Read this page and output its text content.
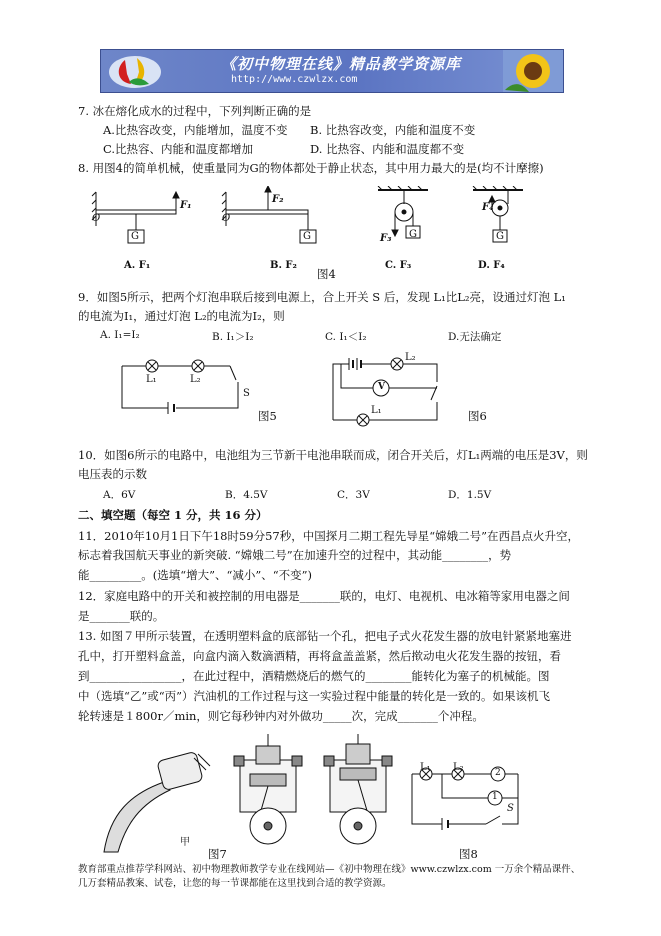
《初中物理在线》精品教学资源库
http://www.czwlzx.com
7. 冰在熔化成水的过程中，下列判断正确的是
A.比热容改变，内能增加，温度不变 B. 比热容改变，内能和温度不变
C.比热容、内能和温度都增加	D. 比热容、内能和温度都不变
8. 用图4的简单机械，使重量同为G的物体都处于静止状态，其中用力最大的是(均不计摩擦)
O	O
G	G	G	G
F₁
F₂
F₃
F₄
A. F₁	B. F₂	C. F₃	D. F₄
图4
9．如图5所示，把两个灯泡串联后接到电源上，合上开关 S 后，发现 L₁比L₂亮，设通过灯泡 L₁
的电流为I₁，通过灯泡 L₂的电流为I₂，则
A. I₁=I₂	B. I₁＞I₂	C. I₁＜I₂	D.无法确定
L₁	L₂
S
图5
V
L₂
L₁	图6
10．如图6所示的电路中，电池组为三节新干电池串联而成，闭合开关后，灯L₁两端的电压是3V，则
电压表的示数
A．6V	B．4.5V	C．3V	D．1.5V
二、填空题（每空 1 分，共 16 分）
11．2010年10月1日下午18时59分57秒，中国探月二期工程先导星“嫦娥二号”在西昌点火升空，
标志着我国航天事业的新突破. “嫦娥二号”在加速升空的过程中，其动能________，势
能_________。(选填“增大”、“减小”、“不变”)
12．家庭电路中的开关和被控制的用电器是_______联的，电灯、电视机、电冰箱等家用电器之间
是_______联的。
13. 如图７甲所示装置，在透明塑料盒的底部钻一个孔，把电子式火花发生器的放电针紧紧地塞进
孔中，打开塑料盒盖，向盒内滴入数滴酒精，再将盒盖盖紧，然后揿动电火花发生器的按钮，看
到________________，在此过程中，酒精燃烧后的燃气的________能转化为塞子的机械能。图
中（选填“乙”或“丙”）汽油机的工作过程与这一实验过程中能量的转化是一致的。如果该机飞
轮转速是１800r／min，则它每秒钟内对外做功_____次，完成_______个冲程。
甲
图7
L₁ L₂	2
1
S
图8
教育部重点推荐学科网站、初中物理教师教学专业在线网站—《初中物理在线》www.czwlzx.com 一万余个精品课件、
几万套精品教案、试卷，让您的每一节课都能在这里找到合适的教学资源。
